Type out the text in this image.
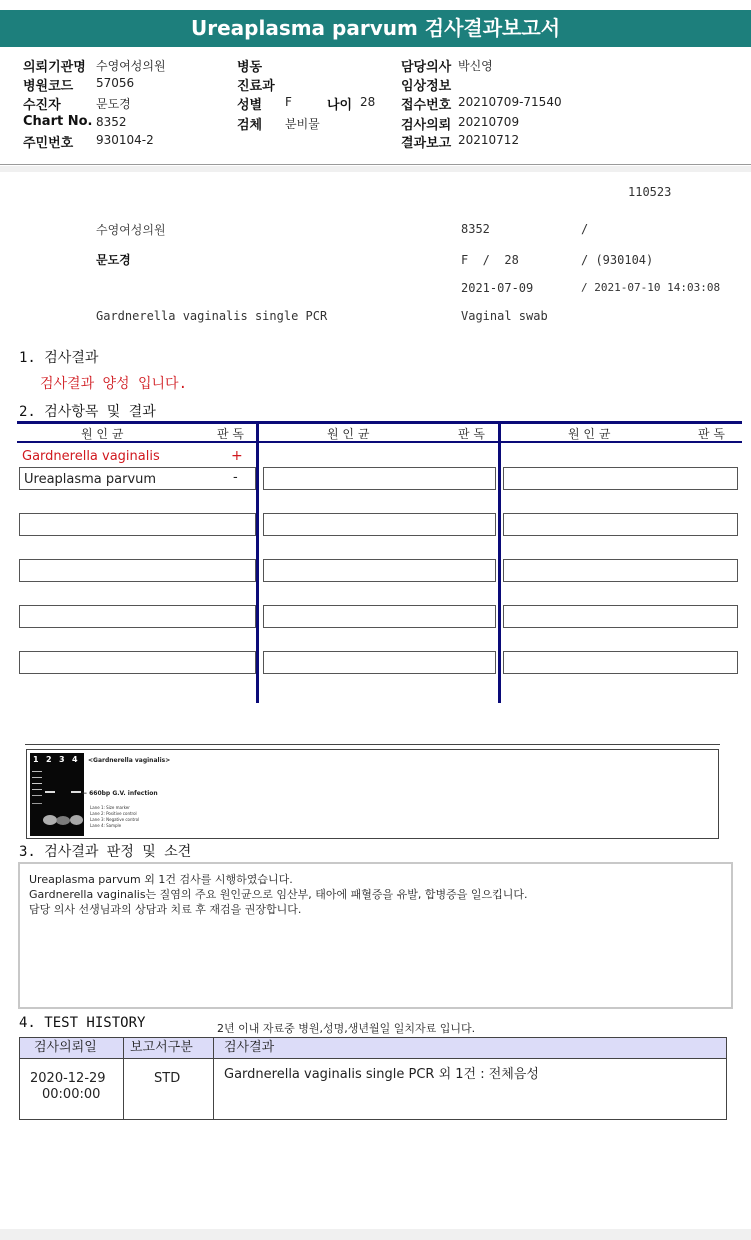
Ureaplasma parvum 검사결과보고서
의뢰기관명 수영여성의원
병원코드 57056
수진자	문도경
Chart No. 8352
주민번호 930104-2
병동
진료과
성별 F	나이 28
검체 분비물
담당의사 박신영
임상정보
접수번호 20210709-71540
검사의뢰 20210709
결과보고 20210712
110523
수영여성의원	8352	/
문도경	F  /  28	/ (930104)
2021-07-09	/ 2021-07-10 14:03:08
Gardnerella vaginalis single PCR	Vaginal swab
1. 검사결과
검사결과 양성 입니다.
2. 검사항목 및 결과
원 인 균	판 독	원 인 균	판 독	원 인 균	판 독
Gardnerella vaginalis	+
Ureaplasma parvum	-
1 2 3 4 <Gardnerella vaginalis>
← 660bp G.V. infection
Lane 1: Size marker
Lane 2: Positive control
Lane 3: Negative control
Lane 4: Sample
3. 검사결과 판정 및 소견
Ureaplasma parvum 외 1건 검사를 시행하였습니다.
Gardnerella vaginalis는 질염의 주요 원인균으로 임산부, 태아에 패혈증을 유발, 합병증을 일으킵니다.
담당 의사 선생님과의 상담과 치료 후 재검을 권장합니다.
4. TEST HISTORY	2년 이내 자료중 병원,성명,생년월일 일치자료 입니다.
검사의뢰일	보고서구분	검사결과
2020-12-29
00:00:00
STD	Gardnerella vaginalis single PCR 외 1건 : 전체음성
